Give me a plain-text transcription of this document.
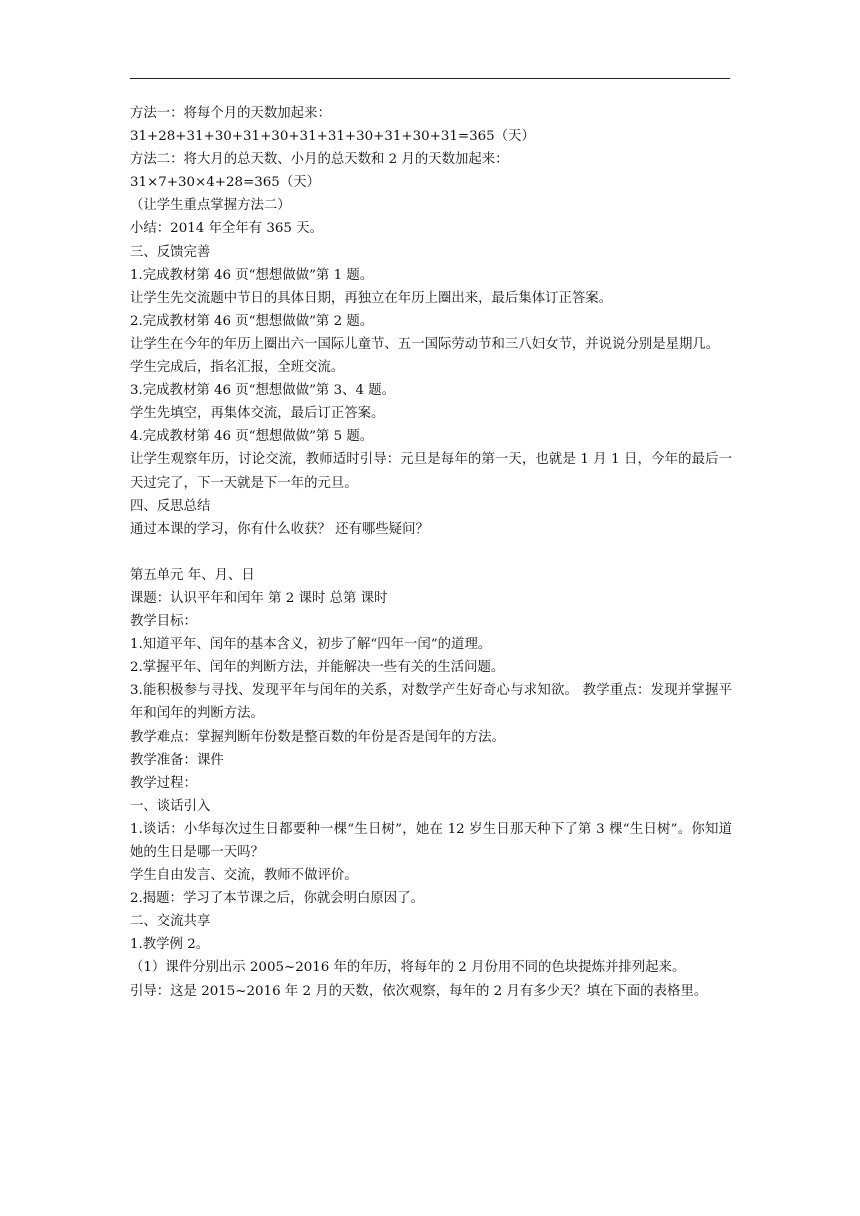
方法一：将每个月的天数加起来：
31+28+31+30+31+30+31+31+30+31+30+31=365（天）
方法二：将大月的总天数、小月的总天数和 2 月的天数加起来：
31×7+30×4+28=365（天）
（让学生重点掌握方法二）
小结：2014 年全年有 365 天。
三、反馈完善
1.完成教材第 46 页“想想做做”第 1 题。
让学生先交流题中节日的具体日期，再独立在年历上圈出来，最后集体订正答案。
2.完成教材第 46 页“想想做做”第 2 题。
让学生在今年的年历上圈出六一国际儿童节、五一国际劳动节和三八妇女节，并说说分别是星期几。
学生完成后，指名汇报，全班交流。
3.完成教材第 46 页“想想做做”第 3、4 题。
学生先填空，再集体交流，最后订正答案。
4.完成教材第 46 页“想想做做”第 5 题。
让学生观察年历，讨论交流，教师适时引导：元旦是每年的第一天，也就是 1 月 1 日，今年的最后一天过完了，下一天就是下一年的元旦。
四、反思总结
通过本课的学习，你有什么收获？ 还有哪些疑问？
第五单元 年、月、日
课题：认识平年和闰年 第 2 课时 总第 课时
教学目标：
1.知道平年、闰年的基本含义，初步了解“四年一闰”的道理。
2.掌握平年、闰年的判断方法，并能解决一些有关的生活问题。
3.能积极参与寻找、发现平年与闰年的关系，对数学产生好奇心与求知欲。 教学重点：发现并掌握平年和闰年的判断方法。
教学难点：掌握判断年份数是整百数的年份是否是闰年的方法。
教学准备：课件
教学过程：
一、谈话引入
1.谈话：小华每次过生日都要种一棵“生日树”，她在 12 岁生日那天种下了第 3 棵“生日树”。你知道她的生日是哪一天吗？
学生自由发言、交流，教师不做评价。
2.揭题：学习了本节课之后，你就会明白原因了。
二、交流共享
1.教学例 2。
（1）课件分别出示 2005~2016 年的年历，将每年的 2 月份用不同的色块提炼并排列起来。
引导：这是 2015~2016 年 2 月的天数，依次观察，每年的 2 月有多少天？填在下面的表格里。
